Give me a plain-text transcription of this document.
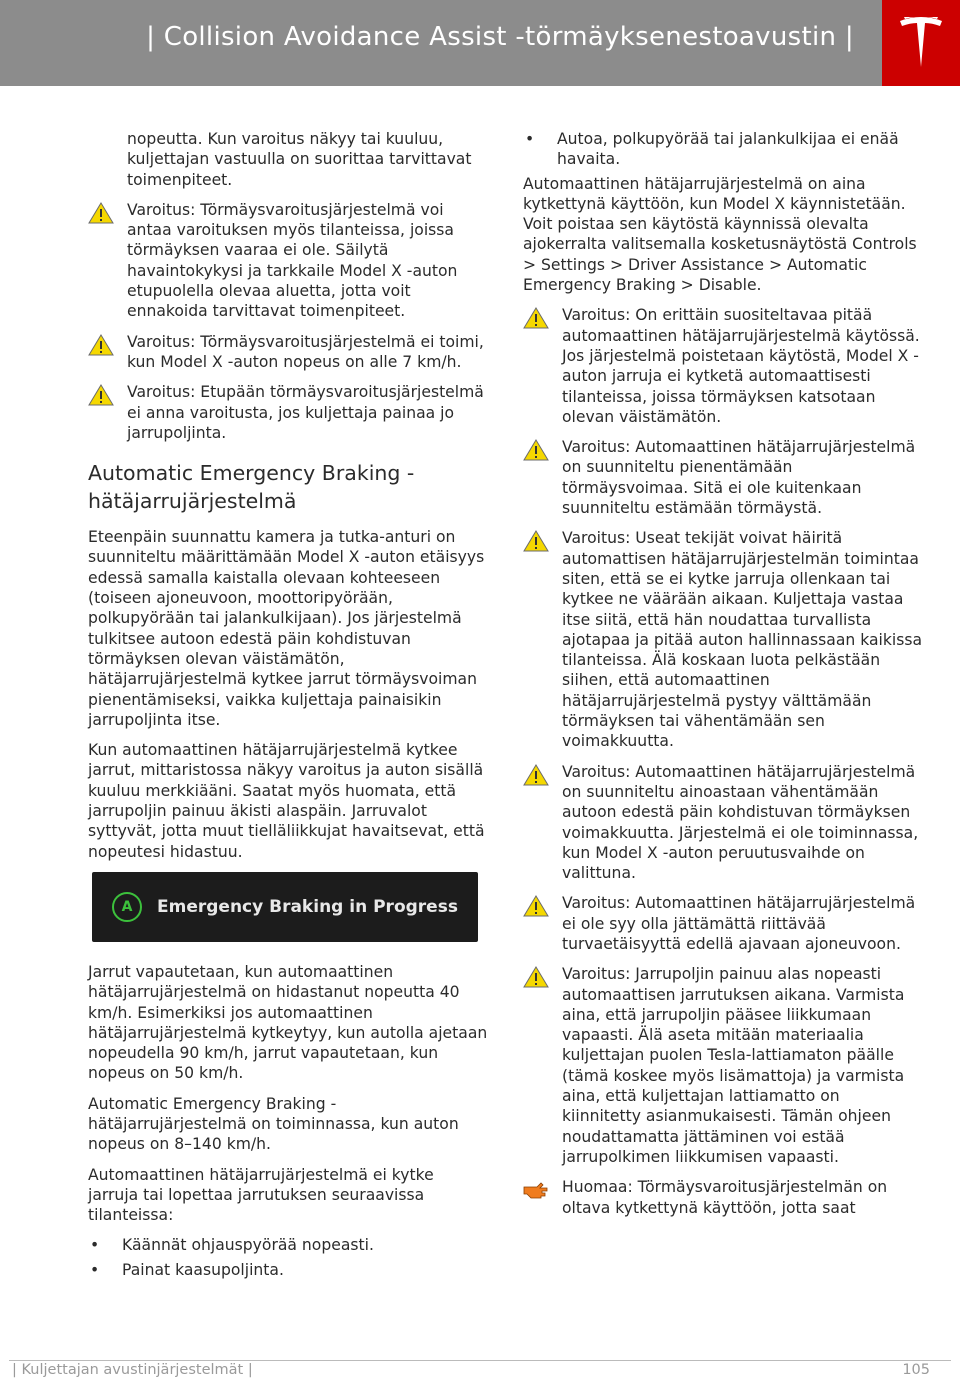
| Collision Avoidance Assist -törmäyksenestoavustin |
nopeutta. Kun varoitus näkyy tai kuuluu, kuljettajan vastuulla on suorittaa tarvittavat toimenpiteet.
Varoitus: Törmäysvaroitusjärjestelmä voi antaa varoituksen myös tilanteissa, joissa törmäyksen vaaraa ei ole. Säilytä havaintokykysi ja tarkkaile Model X -auton etupuolella olevaa aluetta, jotta voit ennakoida tarvittavat toimenpiteet.
Varoitus: Törmäysvaroitusjärjestelmä ei toimi, kun Model X -auton nopeus on alle 7 km/h.
Varoitus: Etupään törmäysvaroitusjärjestelmä ei anna varoitusta, jos kuljettaja painaa jo jarrupoljinta.
Automatic Emergency Braking - hätäjarrujärjestelmä
Eteenpäin suunnattu kamera ja tutka-anturi on suunniteltu määrittämään Model X -auton etäisyys edessä samalla kaistalla olevaan kohteeseen (toiseen ajoneuvoon, moottoripyörään, polkupyörään tai jalankulkijaan). Jos järjestelmä tulkitsee autoon edestä päin kohdistuvan törmäyksen olevan väistämätön, hätäjarrujärjestelmä kytkee jarrut törmäysvoiman pienentämiseksi, vaikka kuljettaja painaisikin jarrupoljinta itse.
Kun automaattinen hätäjarrujärjestelmä kytkee jarrut, mittaristossa näkyy varoitus ja auton sisällä kuuluu merkkiääni. Saatat myös huomata, että jarrupoljin painuu äkisti alaspäin. Jarruvalot syttyvät, jotta muut tielläliikkujat havaitsevat, että nopeutesi hidastuu.
A	Emergency Braking in Progress
Jarrut vapautetaan, kun automaattinen hätäjarrujärjestelmä on hidastanut nopeutta 40 km/h. Esimerkiksi jos automaattinen hätäjarrujärjestelmä kytkeytyy, kun autolla ajetaan nopeudella 90 km/h, jarrut vapautetaan, kun nopeus on 50 km/h.
Automatic Emergency Braking - hätäjarrujärjestelmä on toiminnassa, kun auton nopeus on 8–140 km/h.
Automaattinen hätäjarrujärjestelmä ei kytke jarruja tai lopettaa jarrutuksen seuraavissa tilanteissa:
• Käännät ohjauspyörää nopeasti.
• Painat kaasupoljinta.
• Autoa, polkupyörää tai jalankulkijaa ei enää havaita.
Automaattinen hätäjarrujärjestelmä on aina kytkettynä käyttöön, kun Model X käynnistetään. Voit poistaa sen käytöstä käynnissä olevalta ajokerralta valitsemalla kosketusnäytöstä Controls > Settings > Driver Assistance > Automatic Emergency Braking > Disable.
Varoitus: On erittäin suositeltavaa pitää automaattinen hätäjarrujärjestelmä käytössä. Jos järjestelmä poistetaan käytöstä, Model X -auton jarruja ei kytketä automaattisesti tilanteissa, joissa törmäyksen katsotaan olevan väistämätön.
Varoitus: Automaattinen hätäjarrujärjestelmä on suunniteltu pienentämään törmäysvoimaa. Sitä ei ole kuitenkaan suunniteltu estämään törmäystä.
Varoitus: Useat tekijät voivat häiritä automattisen hätäjarrujärjestelmän toimintaa siten, että se ei kytke jarruja ollenkaan tai kytkee ne väärään aikaan. Kuljettaja vastaa itse siitä, että hän noudattaa turvallista ajotapaa ja pitää auton hallinnassaan kaikissa tilanteissa. Älä koskaan luota pelkästään siihen, että automaattinen hätäjarrujärjestelmä pystyy välttämään törmäyksen tai vähentämään sen voimakkuutta.
Varoitus: Automaattinen hätäjarrujärjestelmä on suunniteltu ainoastaan vähentämään autoon edestä päin kohdistuvan törmäyksen voimakkuutta. Järjestelmä ei ole toiminnassa, kun Model X -auton peruutusvaihde on valittuna.
Varoitus: Automaattinen hätäjarrujärjestelmä ei ole syy olla jättämättä riittävää turvaetäisyyttä edellä ajavaan ajoneuvoon.
Varoitus: Jarrupoljin painuu alas nopeasti automaattisen jarrutuksen aikana. Varmista aina, että jarrupoljin pääsee liikkumaan vapaasti. Älä aseta mitään materiaalia kuljettajan puolen Tesla-lattiamaton päälle (tämä koskee myös lisämattoja) ja varmista aina, että kuljettajan lattiamatto on kiinnitetty asianmukaisesti. Tämän ohjeen noudattamatta jättäminen voi estää jarrupolkimen liikkumisen vapaasti.
Huomaa: Törmäysvaroitusjärjestelmän on oltava kytkettynä käyttöön, jotta saat
| Kuljettajan avustinjärjestelmät |	105
